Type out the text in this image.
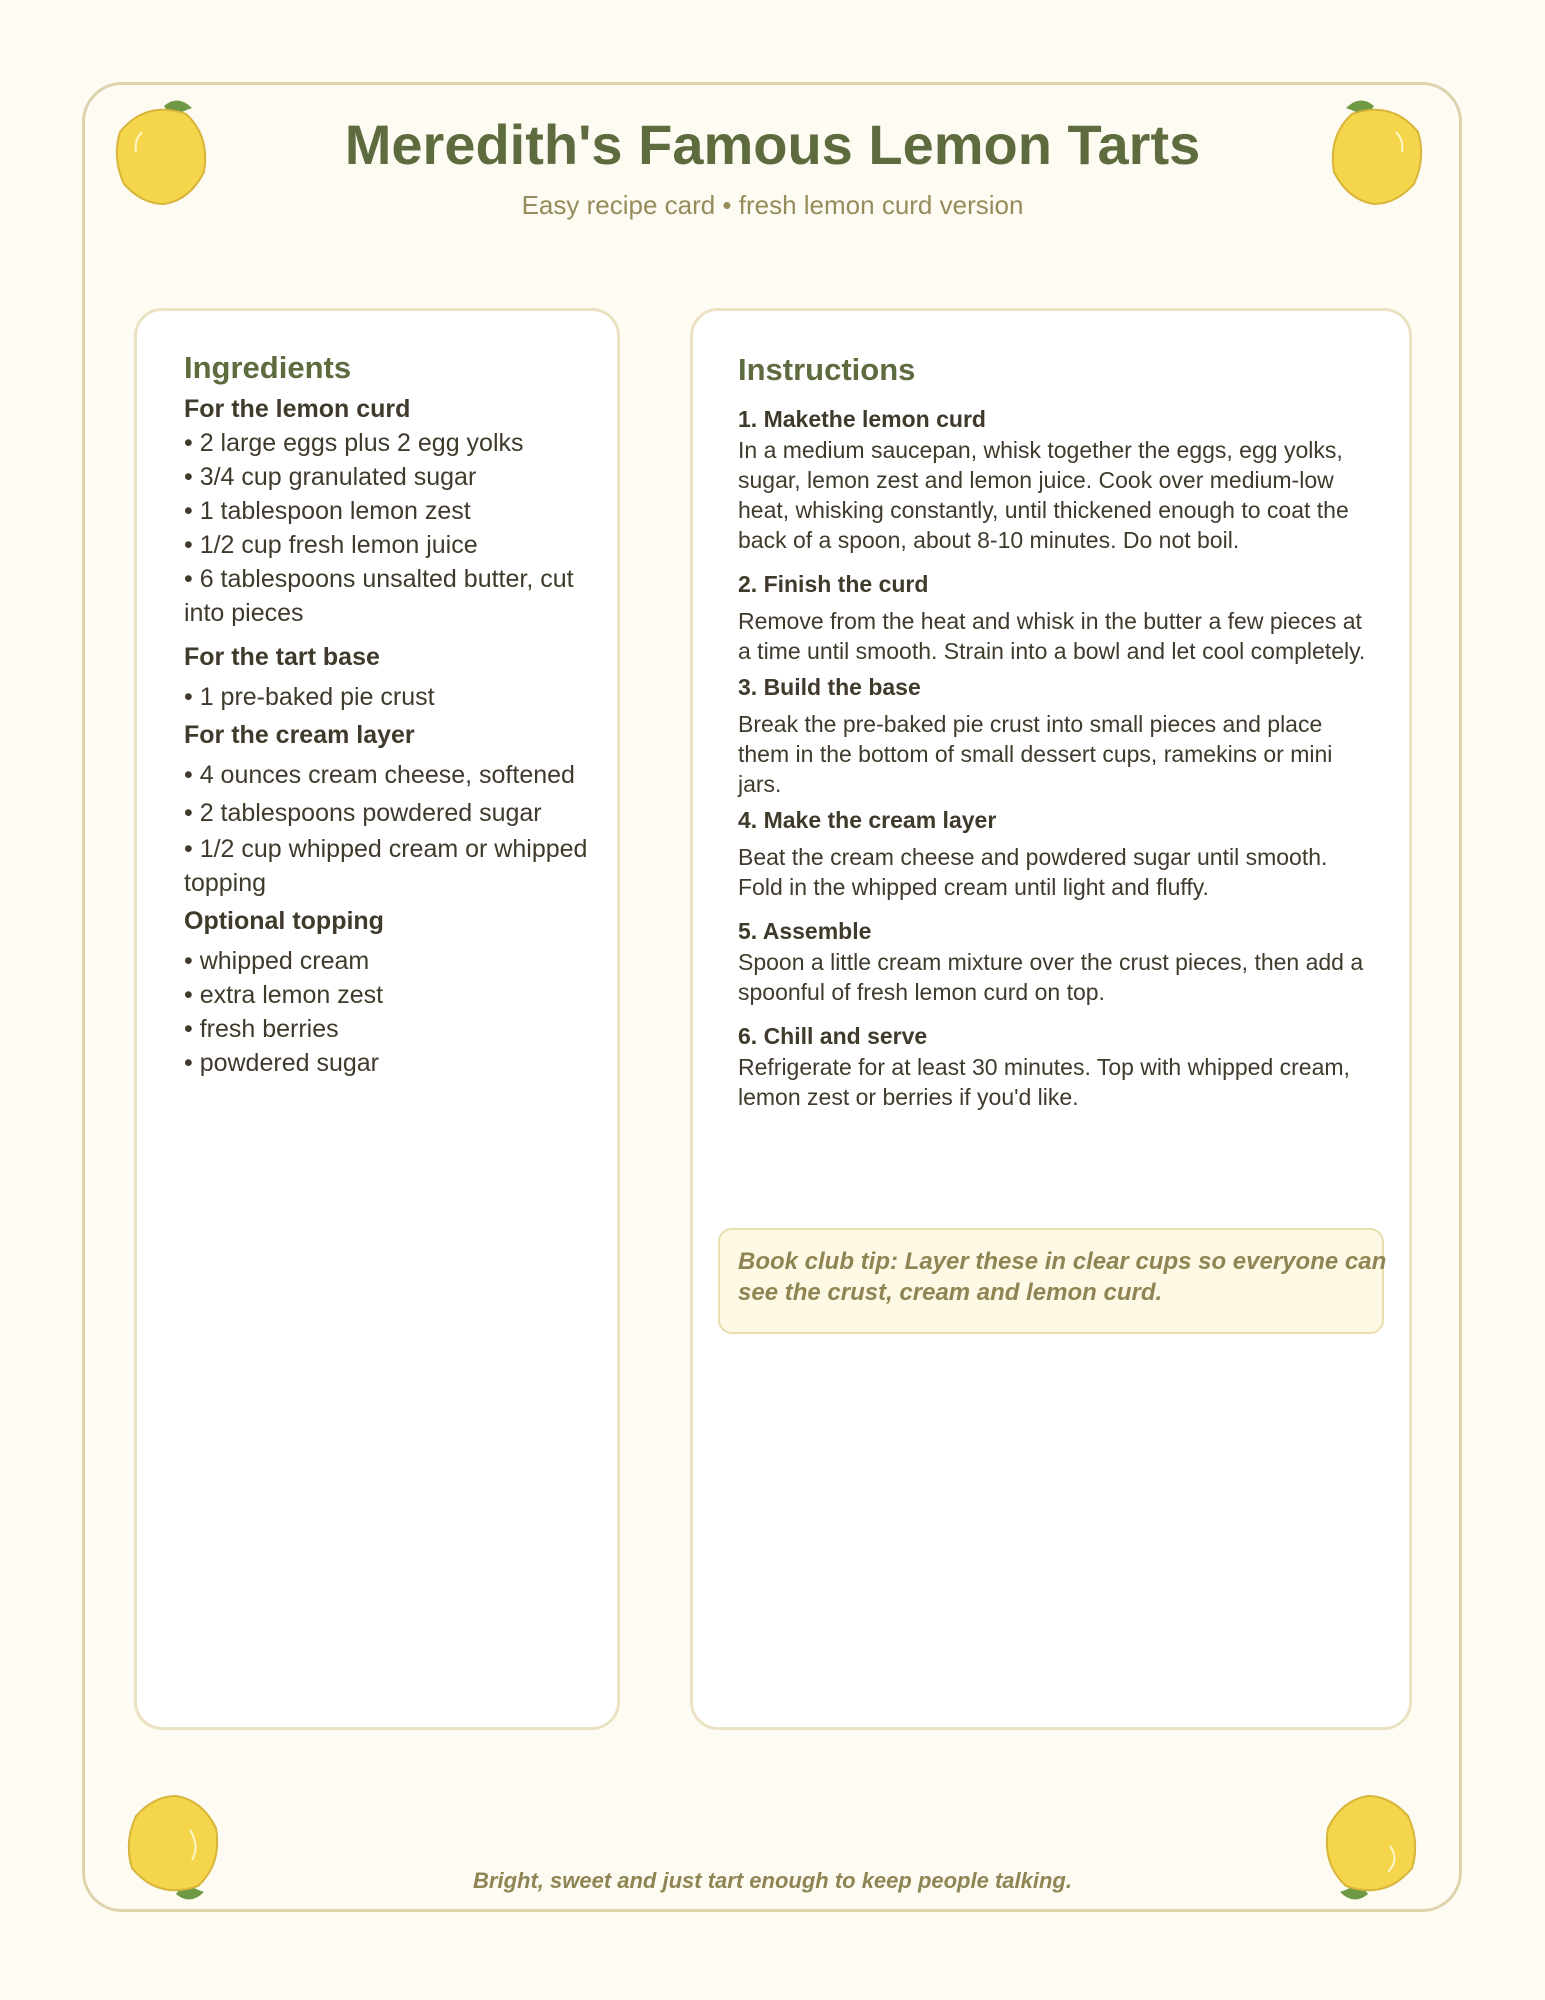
Meredith's Famous Lemon Tarts
Easy recipe card • fresh lemon curd version
Ingredients
For the lemon curd
• 2 large eggs plus 2 egg yolks
• 3/4 cup granulated sugar
• 1 tablespoon lemon zest
• 1/2 cup fresh lemon juice
• 6 tablespoons unsalted butter, cut into pieces
For the tart base
• 1 pre-baked pie crust
For the cream layer
• 4 ounces cream cheese, softened
• 2 tablespoons powdered sugar
• 1/2 cup whipped cream or whipped topping
Optional topping
• whipped cream
• extra lemon zest
• fresh berries
• powdered sugar
Instructions
1. Makethe lemon curd
In a medium saucepan, whisk together the eggs, egg yolks, sugar, lemon zest and lemon juice. Cook over medium-low heat, whisking constantly, until thickened enough to coat the back of a spoon, about 8-10 minutes. Do not boil.
2. Finish the curd
Remove from the heat and whisk in the butter a few pieces at a time until smooth. Strain into a bowl and let cool completely.
3. Build the base
Break the pre-baked pie crust into small pieces and place them in the bottom of small dessert cups, ramekins or mini jars.
4. Make the cream layer
Beat the cream cheese and powdered sugar until smooth. Fold in the whipped cream until light and fluffy.
5. Assemble
Spoon a little cream mixture over the crust pieces, then add a spoonful of fresh lemon curd on top.
6. Chill and serve
Refrigerate for at least 30 minutes. Top with whipped cream, lemon zest or berries if you'd like.
Book club tip: Layer these in clear cups so everyone can see the crust, cream and lemon curd.
Bright, sweet and just tart enough to keep people talking.
